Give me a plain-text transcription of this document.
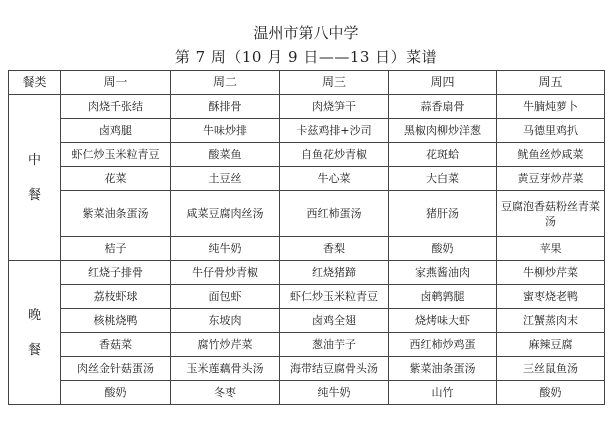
温州市第八中学
第 7 周（10 月 9 日——13 日）菜谱
餐类	周一	周二	周三	周四	周五

中
餐	肉烧千张结	酥排骨	肉烧笋干	蒜香扇骨	牛腩炖萝卜
	卤鸡腿	牛味炒排	卡兹鸡排+沙司	黑椒肉柳炒洋葱	马德里鸡扒
	虾仁炒玉米粒青豆	酸菜鱼	自鱼花炒青椒	花斑蛤	鱿鱼丝炒咸菜
	花菜	土豆丝	牛心菜	大白菜	黄豆芽炒芹菜
	紫菜油条蛋汤	咸菜豆腐肉丝汤	西红柿蛋汤	猪肝汤	豆腐泡香菇粉丝青菜汤
	桔子	纯牛奶	香梨	酸奶	苹果

晚
餐	红烧子排骨	牛仔骨炒青椒	红烧猪蹄	家燕酱油肉	牛柳炒芹菜
	荔枝虾球	面包虾	虾仁炒玉米粒青豆	卤鹌鹑腿	蜜枣烧老鸭
	核桃烧鸭	东坡肉	卤鸡全翅	烧烤味大虾	江蟹蒸肉末
	香菇菜	腐竹炒芹菜	葱油芋子	西红柿炒鸡蛋	麻辣豆腐
	肉丝金针菇蛋汤	玉米莲藕骨头汤	海带结豆腐骨头汤	紫菜油条蛋汤	三丝鼠鱼汤
	酸奶	冬枣	纯牛奶	山竹	酸奶
